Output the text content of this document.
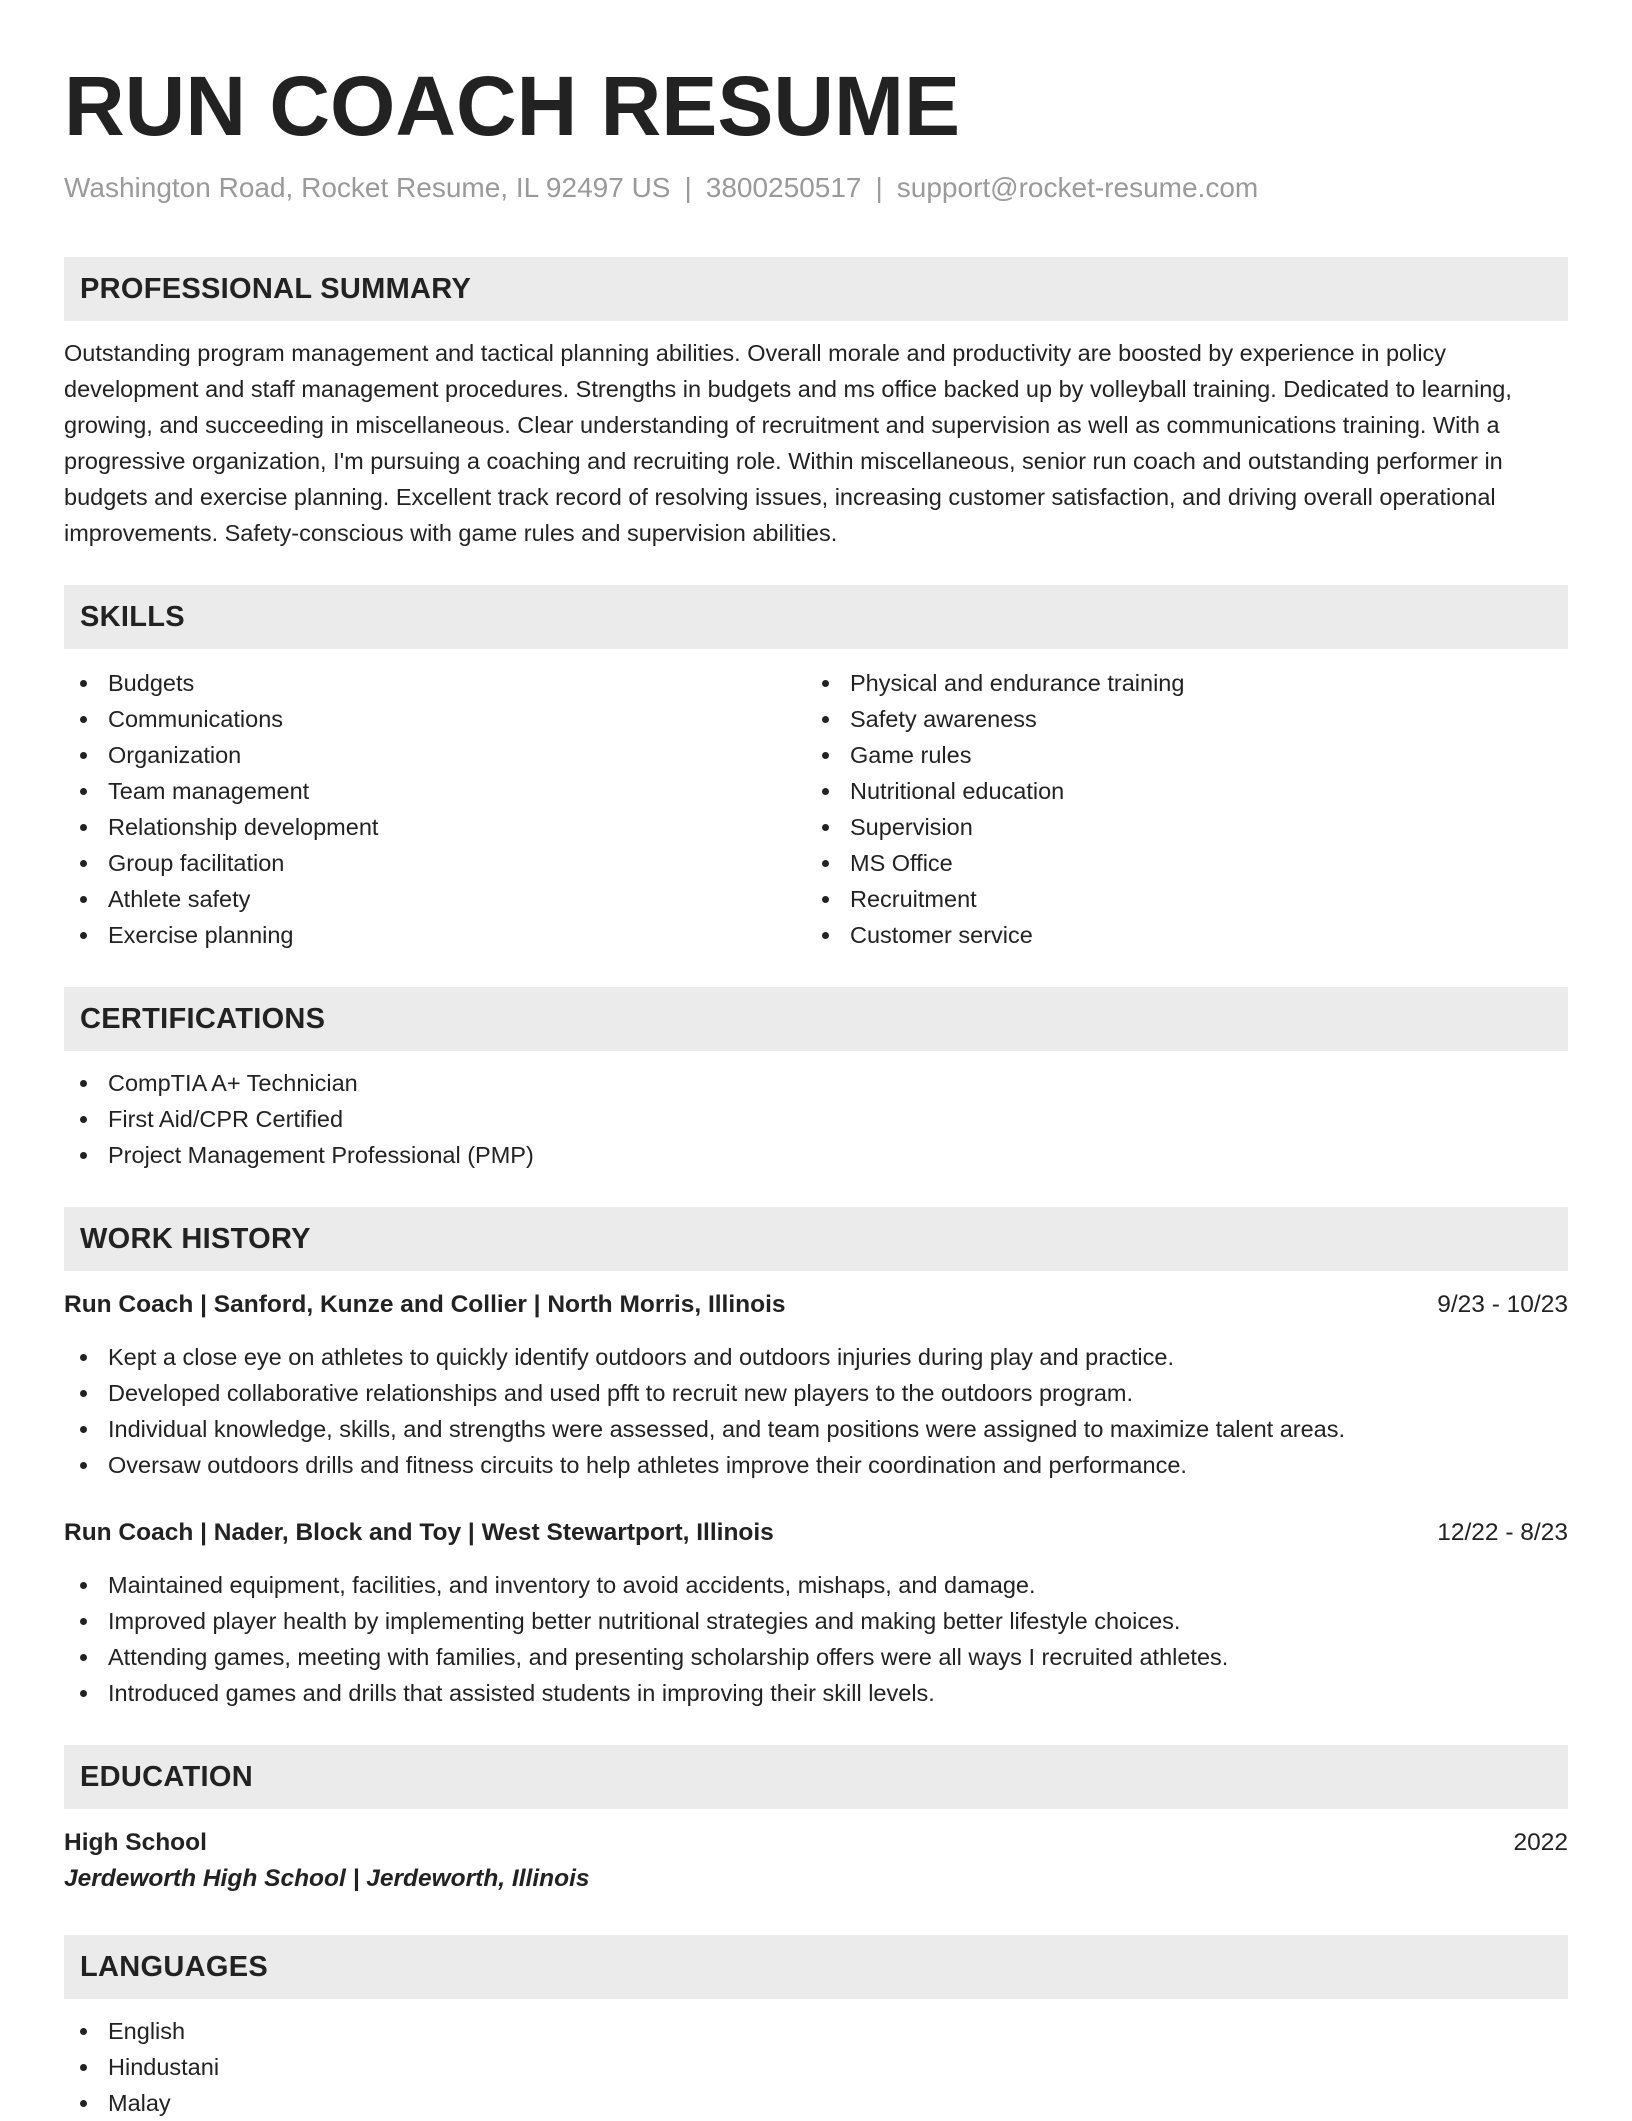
RUN COACH RESUME
Washington Road, Rocket Resume, IL 92497 US | 3800250517 | support@rocket-resume.com
PROFESSIONAL SUMMARY

Outstanding program management and tactical planning abilities. Overall morale and productivity are boosted by experience in policy development and staff management procedures. Strengths in budgets and ms office backed up by volleyball training. Dedicated to learning, growing, and succeeding in miscellaneous. Clear understanding of recruitment and supervision as well as communications training. With a progressive organization, I'm pursuing a coaching and recruiting role. Within miscellaneous, senior run coach and outstanding performer in budgets and exercise planning. Excellent track record of resolving issues, increasing customer satisfaction, and driving overall operational improvements. Safety-conscious with game rules and supervision abilities.

SKILLS
Budgets
Communications
Organization
Team management
Relationship development
Group facilitation
Athlete safety
Exercise planning
Physical and endurance training
Safety awareness
Game rules
Nutritional education
Supervision
MS Office
Recruitment
Customer service
CERTIFICATIONS
CompTIA A+ Technician
First Aid/CPR Certified
Project Management Professional (PMP)
WORK HISTORY
Run Coach | Sanford, Kunze and Collier | North Morris, Illinois	9/23 - 10/23
Kept a close eye on athletes to quickly identify outdoors and outdoors injuries during play and practice.
Developed collaborative relationships and used pfft to recruit new players to the outdoors program.
Individual knowledge, skills, and strengths were assessed, and team positions were assigned to maximize talent areas.
Oversaw outdoors drills and fitness circuits to help athletes improve their coordination and performance.
Run Coach | Nader, Block and Toy | West Stewartport, Illinois	12/22 - 8/23
Maintained equipment, facilities, and inventory to avoid accidents, mishaps, and damage.
Improved player health by implementing better nutritional strategies and making better lifestyle choices.
Attending games, meeting with families, and presenting scholarship offers were all ways I recruited athletes.
Introduced games and drills that assisted students in improving their skill levels.
EDUCATION
High School	2022
Jerdeworth High School | Jerdeworth, Illinois
LANGUAGES
English
Hindustani
Malay
